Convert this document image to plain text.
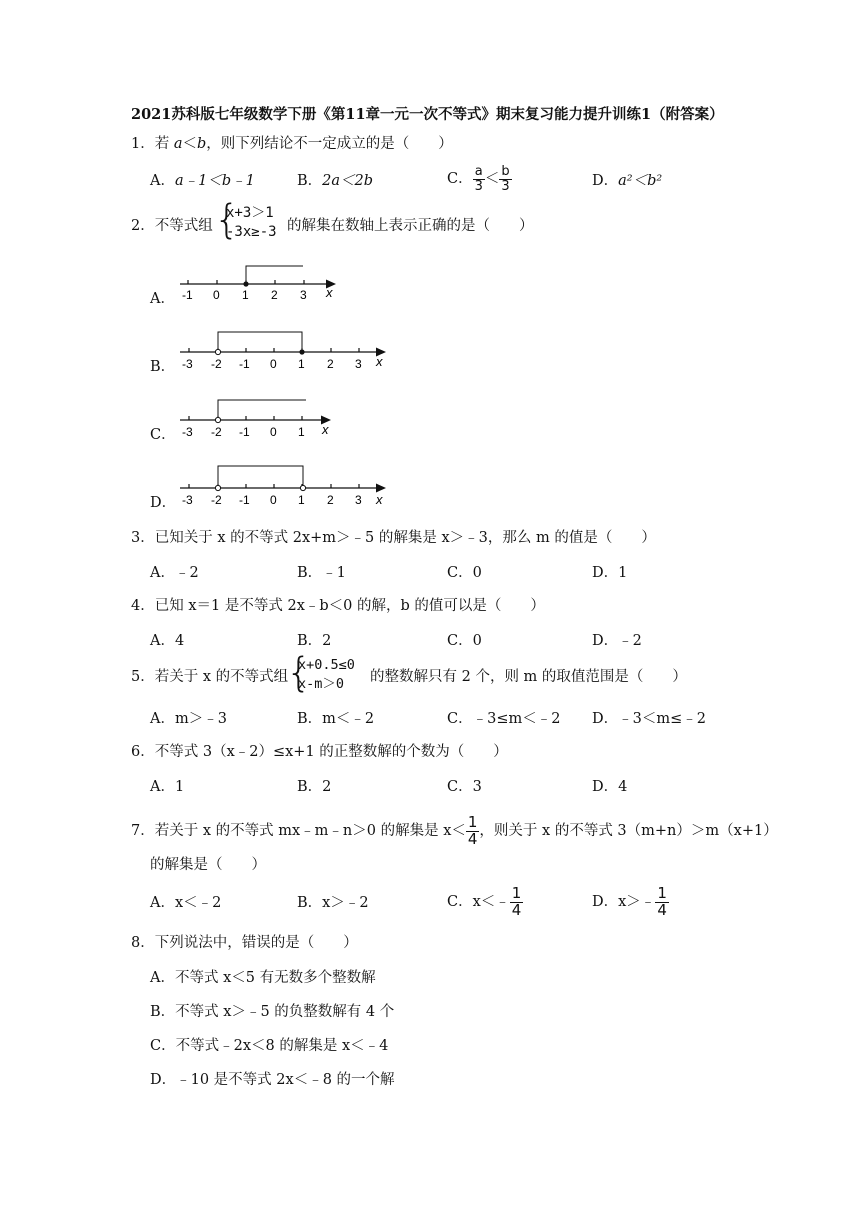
2021苏科版七年级数学下册《第11章一元一次不等式》期末复习能力提升训练1（附答案）
1．若 a＜b，则下列结论不一定成立的是（　　）
A．a﹣1＜b﹣1	B．2a＜2b	C． $\frac{a}{3} < \frac{b}{3}$	D．a²＜b²
2．不等式组 {
x+3＞1
-3x≥-3 的解集在数轴上表示正确的是（　　）
A． -1 0 1 2 3 x
B． -3 -2 -1 0 1 2 3 x
C． -3 -2 -1 0 1 x
D． -3 -2 -1 0 1 2 3 x
3．已知关于 x 的不等式 2x+m＞﹣5 的解集是 x＞﹣3，那么 m 的值是（　　）
A．﹣2	B．﹣1	C．0	D．1
4．已知 x＝1 是不等式 2x﹣b＜0 的解，b 的值可以是（　　）
A．4	B．2	C．0	D．﹣2
5．若关于 x 的不等式组
{
x+0.5≤0
x-m＞0	的整数解只有 2 个，则 m 的取值范围是（　　）
A．m＞﹣3	B．m＜﹣2	C．﹣3≤m＜﹣2 D．﹣3＜m≤﹣2
6．不等式 3（x﹣2）≤x+1 的正整数解的个数为（　　）
A．1	B．2	C．3	D．4
7．若关于 x 的不等式 mx﹣m﹣n＞0 的解集是 $x< \frac{1}{4}$ ，则关于 x 的不等式 3（m+n）＞m（x+1）
的解集是（　　）
A．x＜﹣2	B．x＞﹣2	C．x＜﹣ $\frac{1}{4}$	D．x＞﹣ $\frac{1}{4}$
8．下列说法中，错误的是（　　）
A．不等式 x＜5 有无数多个整数解
B．不等式 x＞﹣5 的负整数解有 4 个
C．不等式﹣2x＜8 的解集是 x＜﹣4
D．﹣10 是不等式 2x＜﹣8 的一个解
